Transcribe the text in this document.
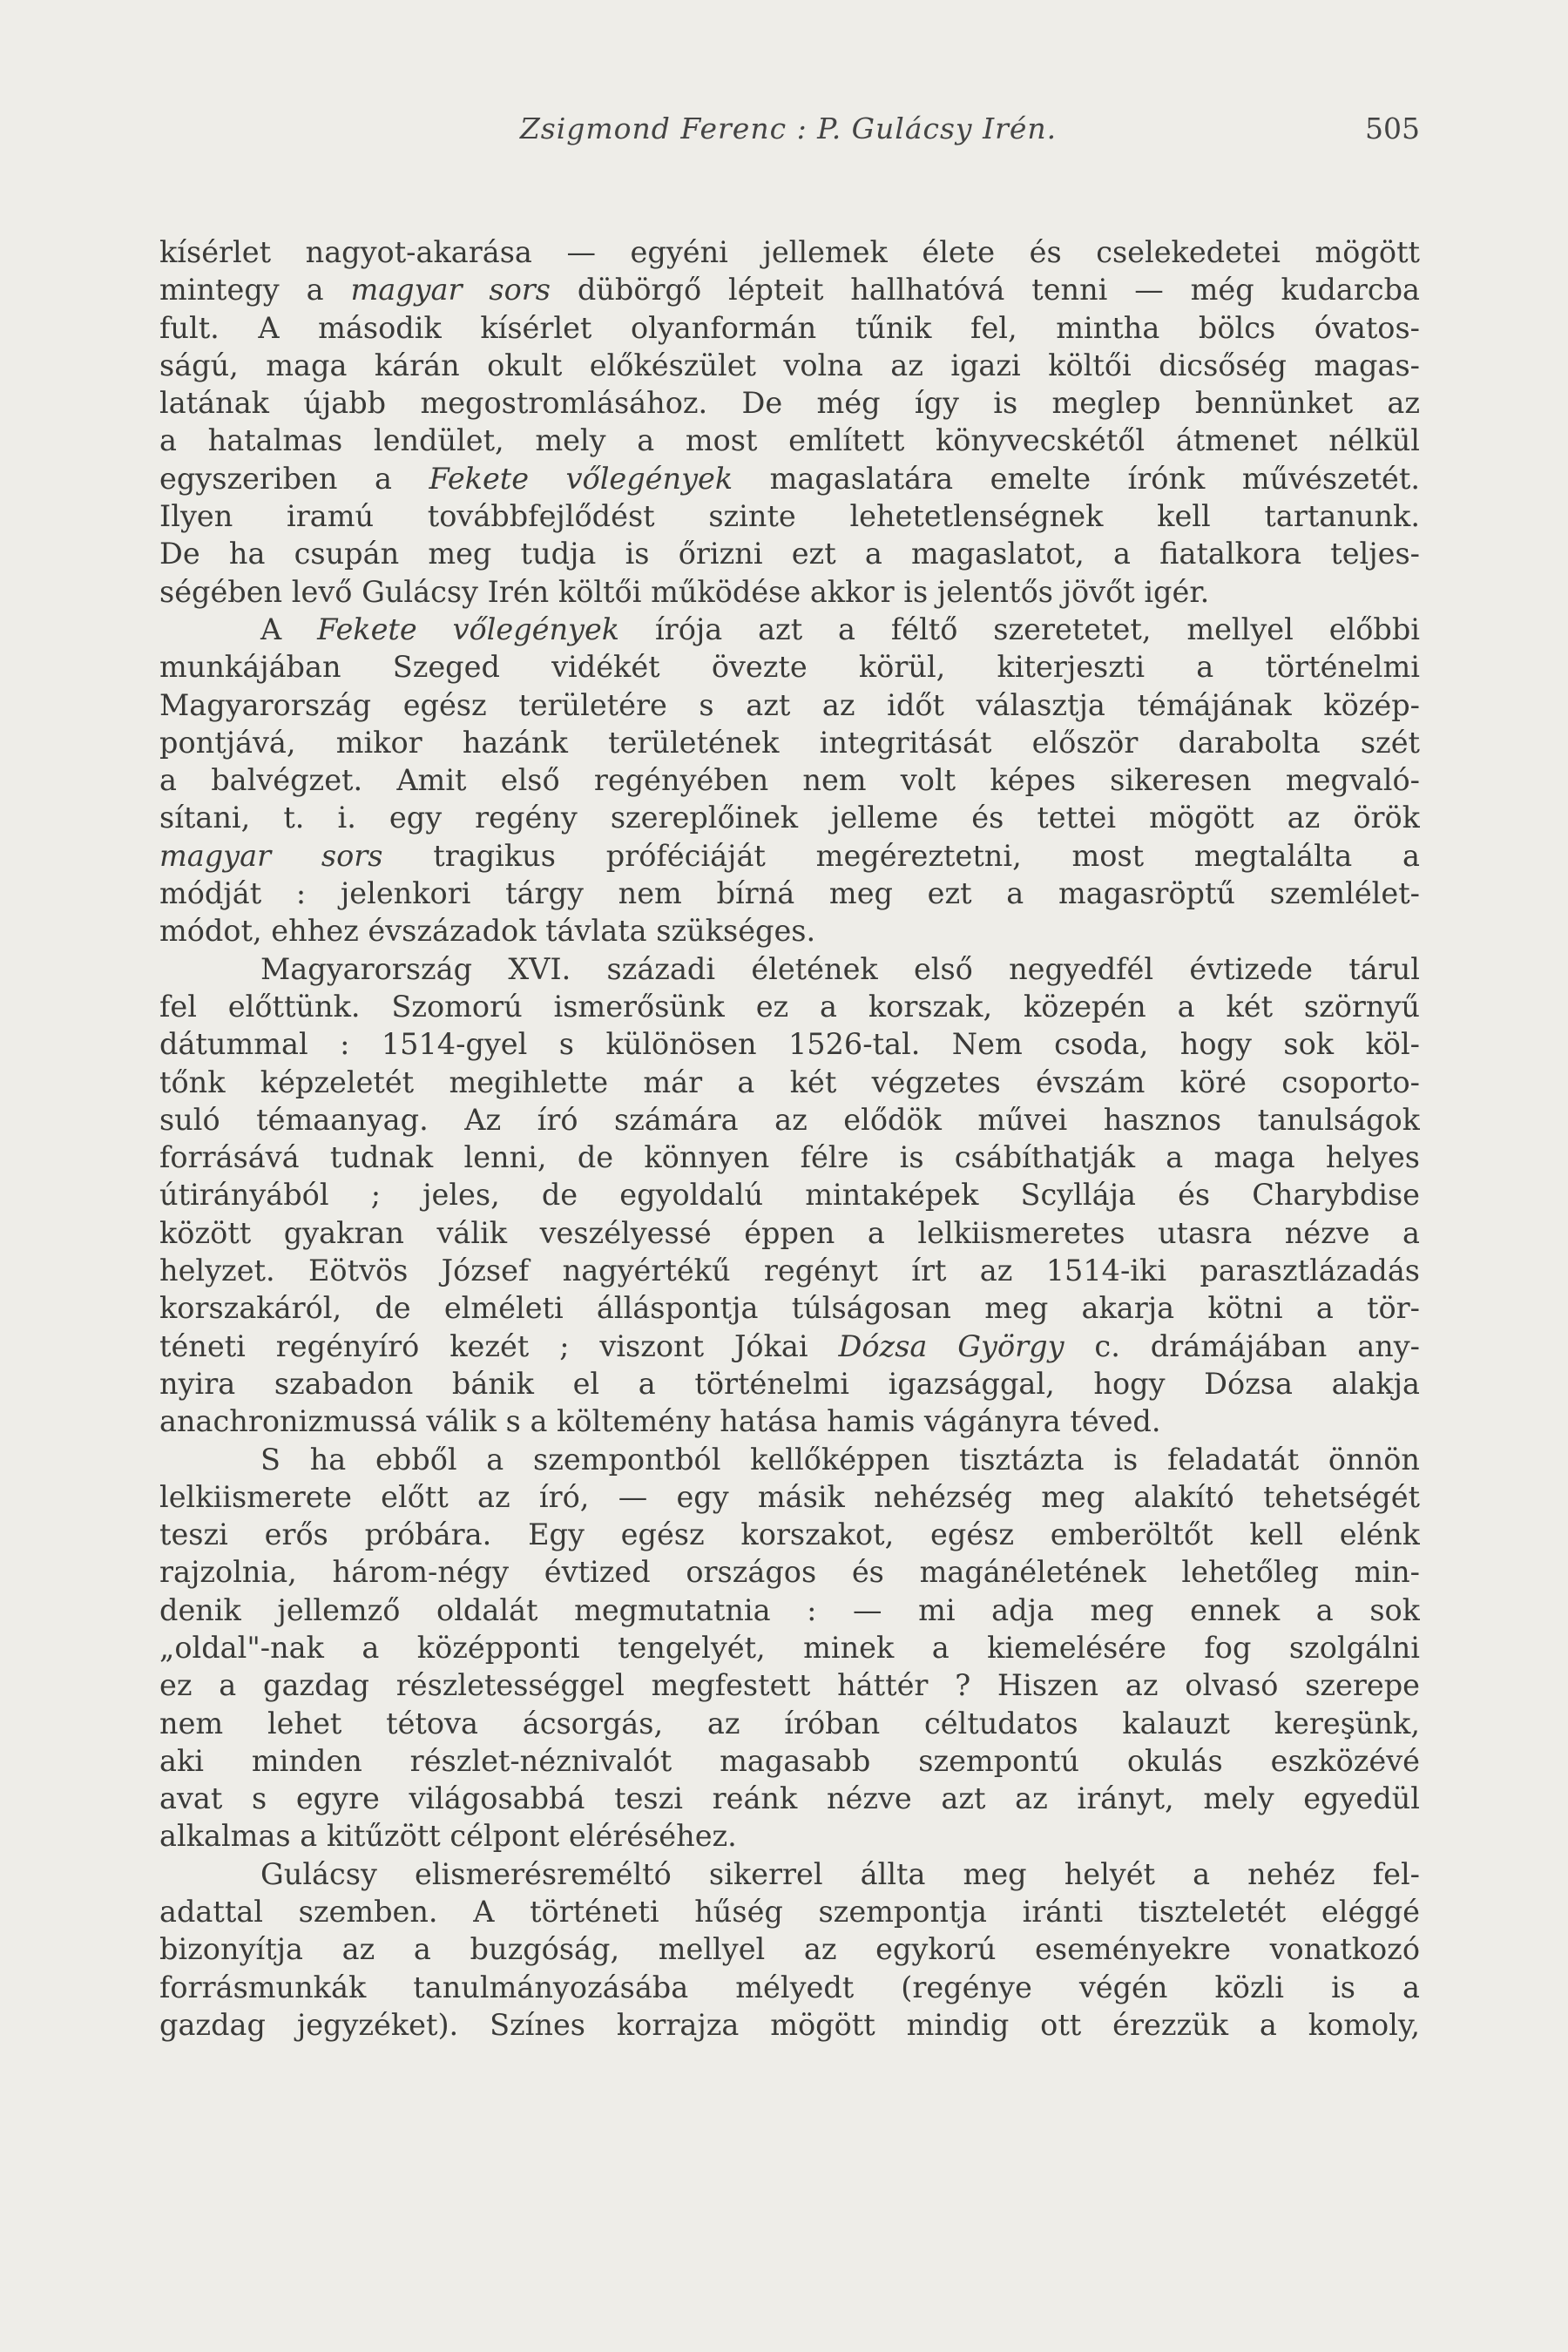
Zsigmond Ferenc : P. Gulácsy Irén.	505
kísérlet nagyot-akarása — egyéni jellemek élete és cselekedetei mögött
mintegy a magyar sors dübörgő lépteit hallhatóvá tenni — még kudarcba
fult. A második kísérlet olyanformán tűnik fel, mintha bölcs óvatos-
ságú, maga kárán okult előkészület volna az igazi költői dicsőség magas-
latának újabb megostromlásához. De még így is meglep bennünket az
a hatalmas lendület, mely a most említett könyvecskétől átmenet nélkül
egyszeriben a Fekete vőlegények magaslatára emelte írónk művészetét.
Ilyen iramú továbbfejlődést szinte lehetetlenségnek kell tartanunk.
De ha csupán meg tudja is őrizni ezt a magaslatot, a fiatalkora teljes-
ségében levő Gulácsy Irén költői működése akkor is jelentős jövőt igér.
A Fekete vőlegények írója azt a féltő szeretetet, mellyel előbbi
munkájában Szeged vidékét övezte körül, kiterjeszti a történelmi
Magyarország egész területére s azt az időt választja témájának közép-
pontjává, mikor hazánk területének integritását először darabolta szét
a balvégzet. Amit első regényében nem volt képes sikeresen megvaló-
sítani, t. i. egy regény szereplőinek jelleme és tettei mögött az örök
magyar sors tragikus próféciáját megéreztetni, most megtalálta a
módját : jelenkori tárgy nem bírná meg ezt a magasröptű szemlélet-
módot, ehhez évszázadok távlata szükséges.
Magyarország XVI. századi életének első negyedfél évtizede tárul
fel előttünk. Szomorú ismerősünk ez a korszak, közepén a két szörnyű
dátummal : 1514-gyel s különösen 1526-tal. Nem csoda, hogy sok köl-
tőnk képzeletét megihlette már a két végzetes évszám köré csoporto-
suló témaanyag. Az író számára az elődök művei hasznos tanulságok
forrásává tudnak lenni, de könnyen félre is csábíthatják a maga helyes
útirányából ; jeles, de egyoldalú mintaképek Scyllája és Charybdise
között gyakran válik veszélyessé éppen a lelkiismeretes utasra nézve a
helyzet. Eötvös József nagyértékű regényt írt az 1514-iki parasztlázadás
korszakáról, de elméleti álláspontja túlságosan meg akarja kötni a tör-
téneti regényíró kezét ; viszont Jókai Dózsa György c. drámájában any-
nyira szabadon bánik el a történelmi igazsággal, hogy Dózsa alakja
anachronizmussá válik s a költemény hatása hamis vágányra téved.
S ha ebből a szempontból kellőképpen tisztázta is feladatát önnön
lelkiismerete előtt az író, — egy másik nehézség meg alakító tehetségét
teszi erős próbára. Egy egész korszakot, egész emberöltőt kell elénk
rajzolnia, három-négy évtized országos és magánéletének lehetőleg min-
denik jellemző oldalát megmutatnia : — mi adja meg ennek a sok
„oldal"-nak a középponti tengelyét, minek a kiemelésére fog szolgálni
ez a gazdag részletességgel megfestett háttér ? Hiszen az olvasó szerepe
nem lehet tétova ácsorgás, az íróban céltudatos kalauzt kereşünk,
aki minden részlet-néznivalót magasabb szempontú okulás eszközévé
avat s egyre világosabbá teszi reánk nézve azt az irányt, mely egyedül
alkalmas a kitűzött célpont eléréséhez.
Gulácsy elismerésreméltó sikerrel állta meg helyét a nehéz fel-
adattal szemben. A történeti hűség szempontja iránti tiszteletét eléggé
bizonyítja az a buzgóság, mellyel az egykorú eseményekre vonatkozó
forrásmunkák tanulmányozásába mélyedt (regénye végén közli is a
gazdag jegyzéket). Színes korrajza mögött mindig ott érezzük a komoly,
